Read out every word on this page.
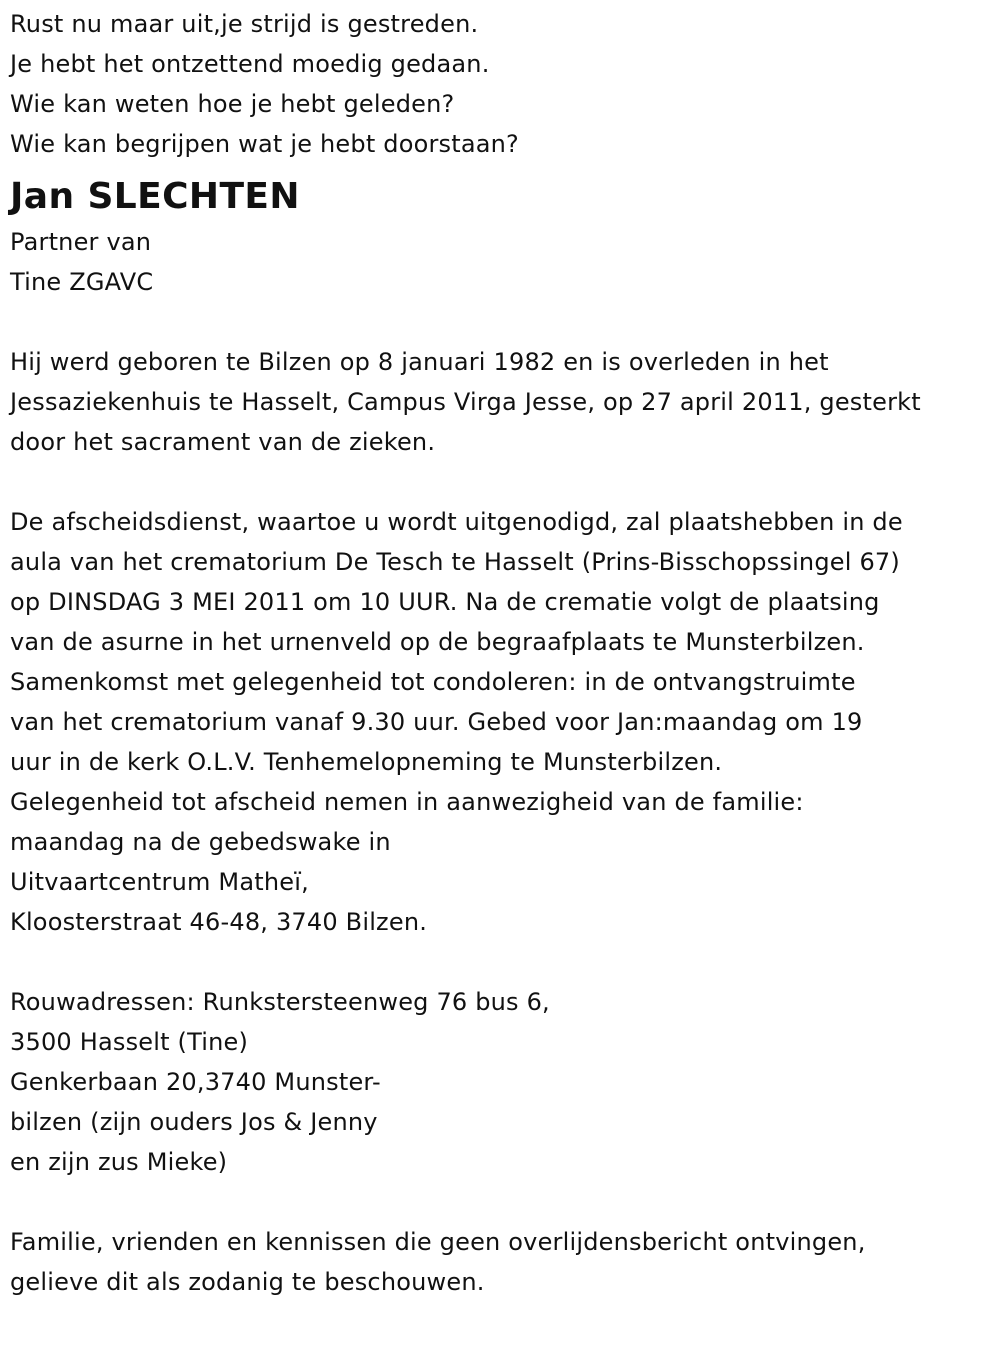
Rust nu maar uit,je strijd is gestreden.
Je hebt het ontzettend moedig gedaan.
Wie kan weten hoe je hebt geleden?
Wie kan begrijpen wat je hebt doorstaan?
Jan SLECHTEN
Partner van
Tine ZGAVC
Hij werd geboren te Bilzen op 8 januari 1982 en is overleden in het
Jessaziekenhuis te Hasselt, Campus Virga Jesse, op 27 april 2011, gesterkt
door het sacrament van de zieken.
De afscheidsdienst, waartoe u wordt uitgenodigd, zal plaatshebben in de
aula van het crematorium De Tesch te Hasselt (Prins-Bisschopssingel 67)
op DINSDAG 3 MEI 2011 om 10 UUR. Na de crematie volgt de plaatsing
van de asurne in het urnenveld op de begraafplaats te Munsterbilzen.
Samenkomst met gelegenheid tot condoleren: in de ontvangstruimte
van het crematorium vanaf 9.30 uur. Gebed voor Jan:maandag om 19
uur in de kerk O.L.V. Tenhemelopneming te Munsterbilzen.
Gelegenheid tot afscheid nemen in aanwezigheid van de familie:
maandag na de gebedswake in
Uitvaartcentrum Matheï,
Kloosterstraat 46-48, 3740 Bilzen.
Rouwadressen: Runkstersteenweg 76 bus 6,
3500 Hasselt (Tine)
Genkerbaan 20,3740 Munster-
bilzen (zijn ouders Jos & Jenny
en zijn zus Mieke)
Familie, vrienden en kennissen die geen overlijdensbericht ontvingen,
gelieve dit als zodanig te beschouwen.
